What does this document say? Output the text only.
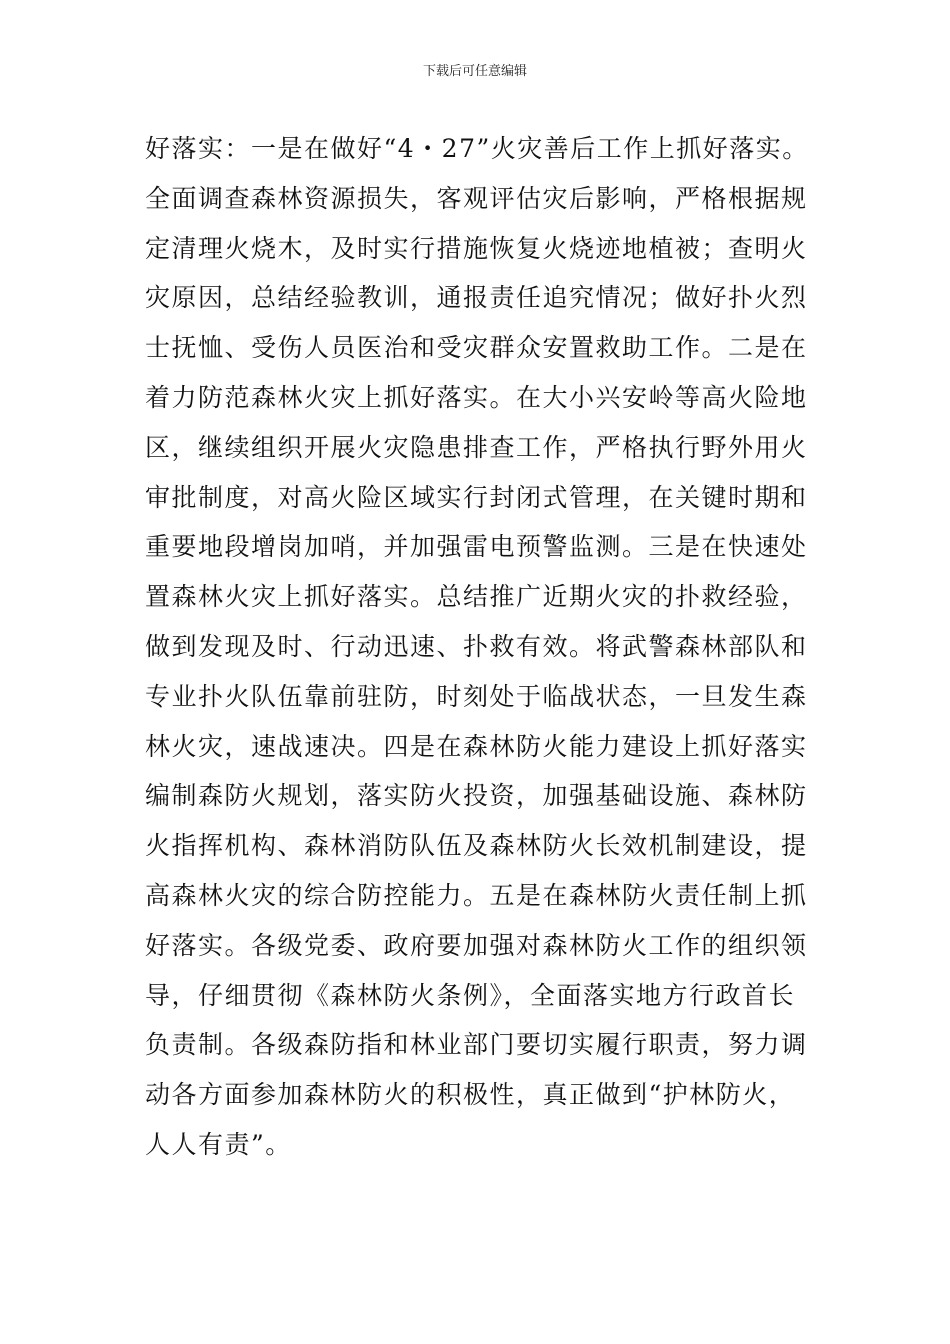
下载后可任意编辑
好落实：一是在做好“4・27”火灾善后工作上抓好落实。
全面调查森林资源损失，客观评估灾后影响，严格根据规
定清理火烧木，及时实行措施恢复火烧迹地植被；查明火
灾原因，总结经验教训，通报责任追究情况；做好扑火烈
士抚恤、受伤人员医治和受灾群众安置救助工作。二是在
着力防范森林火灾上抓好落实。在大小兴安岭等高火险地
区，继续组织开展火灾隐患排查工作，严格执行野外用火
审批制度，对高火险区域实行封闭式管理，在关键时期和
重要地段增岗加哨，并加强雷电预警监测。三是在快速处
置森林火灾上抓好落实。总结推广近期火灾的扑救经验，
做到发现及时、行动迅速、扑救有效。将武警森林部队和
专业扑火队伍靠前驻防，时刻处于临战状态，一旦发生森
林火灾，速战速决。四是在森林防火能力建设上抓好落实
编制森防火规划，落实防火投资，加强基础设施、森林防
火指挥机构、森林消防队伍及森林防火长效机制建设，提
高森林火灾的综合防控能力。五是在森林防火责任制上抓
好落实。各级党委、政府要加强对森林防火工作的组织领
导，仔细贯彻《森林防火条例》，全面落实地方行政首长
负责制。各级森防指和林业部门要切实履行职责，努力调
动各方面参加森林防火的积极性，真正做到“护林防火，
人人有责”。
